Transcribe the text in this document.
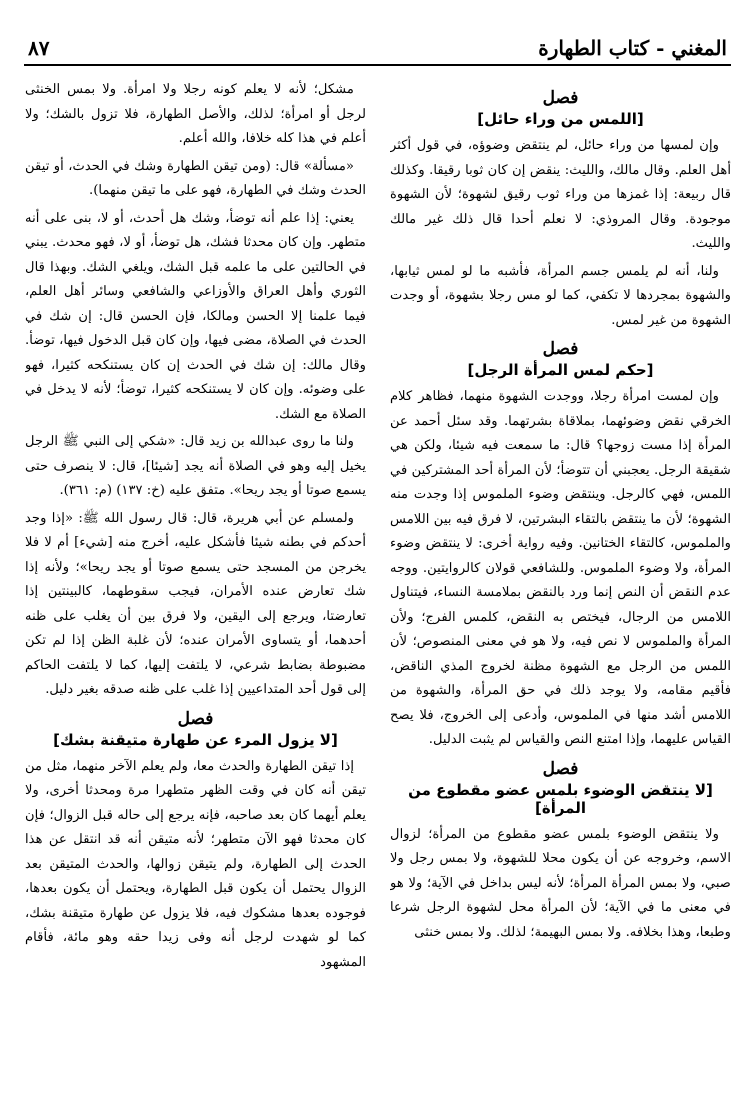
المغني - كتاب الطهارة
٨٧
فصل
[اللمس من وراء حائل]

وإن لمسها من وراء حائل، لم ينتقض وضوؤه، في قول أكثر أهل العلم. وقال مالك، والليث: ينقض إن كان ثوبا رقيقا. وكذلك قال ربيعة: إذا غمزها من وراء ثوب رقيق لشهوة؛ لأن الشهوة موجودة. وقال المروذي: لا نعلم أحدا قال ذلك غير مالك والليث.

ولنا، أنه لم يلمس جسم المرأة، فأشبه ما لو لمس ثيابها، والشهوة بمجردها لا تكفي، كما لو مس رجلا بشهوة، أو وجدت الشهوة من غير لمس.

فصل
[حكم لمس المرأة الرجل]

وإن لمست امرأة رجلا، ووجدت الشهوة منهما، فظاهر كلام الخرقي نقض وضوئهما، بملاقاة بشرتهما. وقد سئل أحمد عن المرأة إذا مست زوجها؟ قال: ما سمعت فيه شيئا، ولكن هي شقيقة الرجل. يعجبني أن تتوضأ؛ لأن المرأة أحد المشتركين في اللمس، فهي كالرجل. وينتقض وضوء الملموس إذا وجدت منه الشهوة؛ لأن ما ينتقض بالتقاء البشرتين، لا فرق فيه بين اللامس والملموس، كالتقاء الختانين. وفيه رواية أخرى: لا ينتقض وضوء المرأة، ولا وضوء الملموس. وللشافعي قولان كالروايتين. ووجه عدم النقض أن النص إنما ورد بالنقض بملامسة النساء، فيتناول اللامس من الرجال، فيختص به النقض، كلمس الفرج؛ ولأن المرأة والملموس لا نص فيه، ولا هو في معنى المنصوص؛ لأن اللمس من الرجل مع الشهوة مظنة لخروج المذي الناقض، فأقيم مقامه، ولا يوجد ذلك في حق المرأة، والشهوة من اللامس أشد منها في الملموس، وأدعى إلى الخروج، فلا يصح القياس عليهما، وإذا امتنع النص والقياس لم يثبت الدليل.

فصل
[لا ينتقض الوضوء بلمس عضو مقطوع من المرأة]

ولا ينتقض الوضوء بلمس عضو مقطوع من المرأة؛ لزوال الاسم، وخروجه عن أن يكون محلا للشهوة، ولا بمس رجل ولا صبي، ولا بمس المرأة المرأة؛ لأنه ليس بداخل في الآية؛ ولا هو في معنى ما في الآية؛ لأن المرأة محل لشهوة الرجل شرعا وطبعا، وهذا بخلافه. ولا بمس البهيمة؛ لذلك. ولا بمس خنثى

مشكل؛ لأنه لا يعلم كونه رجلا ولا امرأة. ولا بمس الخنثى لرجل أو امرأة؛ لذلك، والأصل الطهارة، فلا تزول بالشك؛ ولا أعلم في هذا كله خلافا، والله أعلم.

«مسألة» قال: (ومن تيقن الطهارة وشك في الحدث، أو تيقن الحدث وشك في الطهارة، فهو على ما تيقن منهما).

يعني: إذا علم أنه توضأ، وشك هل أحدث، أو لا، بنى على أنه متطهر. وإن كان محدثا فشك، هل توضأ، أو لا، فهو محدث. يبني في الحالتين على ما علمه قبل الشك، ويلغي الشك. وبهذا قال الثوري وأهل العراق والأوزاعي والشافعي وسائر أهل العلم، فيما علمنا إلا الحسن ومالكا، فإن الحسن قال: إن شك في الحدث في الصلاة، مضى فيها، وإن كان قبل الدخول فيها، توضأ. وقال مالك: إن شك في الحدث إن كان يستنكحه كثيرا، فهو على وضوئه. وإن كان لا يستنكحه كثيرا، توضأ؛ لأنه لا يدخل في الصلاة مع الشك.

ولنا ما روى عبدالله بن زيد قال: «شكي إلى النبي ﷺ الرجل يخيل إليه وهو في الصلاة أنه يجد [شيئا]، قال: لا ينصرف حتى يسمع صوتا أو يجد ريحا». متفق عليه (خ: ١٣٧) (م: ٣٦١).

ولمسلم عن أبي هريرة، قال: قال رسول الله ﷺ: «إذا وجد أحدكم في بطنه شيئا فأشكل عليه، أخرج منه [شيء] أم لا فلا يخرجن من المسجد حتى يسمع صوتا أو يجد ريحا»؛ ولأنه إذا شك تعارض عنده الأمران، فيجب سقوطهما، كالبينتين إذا تعارضتا، ويرجع إلى اليقين، ولا فرق بين أن يغلب على ظنه أحدهما، أو يتساوى الأمران عنده؛ لأن غلبة الظن إذا لم تكن مضبوطة بضابط شرعي، لا يلتفت إليها، كما لا يلتفت الحاكم إلى قول أحد المتداعيين إذا غلب على ظنه صدقه بغير دليل.

فصل
[لا يزول المرء عن طهارة متيقنة بشك]

إذا تيقن الطهارة والحدث معا، ولم يعلم الآخر منهما، مثل من تيقن أنه كان في وقت الظهر متطهرا مرة ومحدثا أخرى، ولا يعلم أيهما كان بعد صاحبه، فإنه يرجع إلى حاله قبل الزوال؛ فإن كان محدثا فهو الآن متطهر؛ لأنه متيقن أنه قد انتقل عن هذا الحدث إلى الطهارة، ولم يتيقن زوالها، والحدث المتيقن بعد الزوال يحتمل أن يكون قبل الطهارة، ويحتمل أن يكون بعدها، فوجوده بعدها مشكوك فيه، فلا يزول عن طهارة متيقنة بشك، كما لو شهدت لرجل أنه وفى زيدا حقه وهو مائة، فأقام المشهود
